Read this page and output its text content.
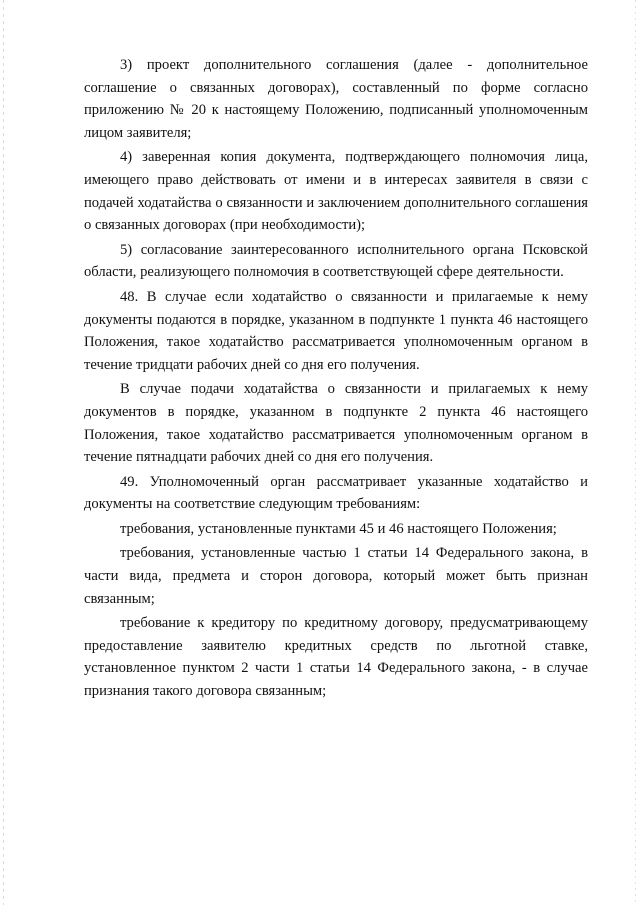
3) проект дополнительного соглашения (далее - дополнительное соглашение о связанных договорах), составленный по форме согласно приложению № 20 к настоящему Положению, подписанный уполномоченным лицом заявителя;

4) заверенная копия документа, подтверждающего полномочия лица, имеющего право действовать от имени и в интересах заявителя в связи с подачей ходатайства о связанности и заключением дополнительного соглашения о связанных договорах (при необходимости);

5) согласование заинтересованного исполнительного органа Псковской области, реализующего полномочия в соответствующей сфере деятельности.

48. В случае если ходатайство о связанности и прилагаемые к нему документы подаются в порядке, указанном в подпункте 1 пункта 46 настоящего Положения, такое ходатайство рассматривается уполномоченным органом в течение тридцати рабочих дней со дня его получения.

В случае подачи ходатайства о связанности и прилагаемых к нему документов в порядке, указанном в подпункте 2 пункта 46 настоящего Положения, такое ходатайство рассматривается уполномоченным органом в течение пятнадцати рабочих дней со дня его получения.

49. Уполномоченный орган рассматривает указанные ходатайство и документы на соответствие следующим требованиям:

требования, установленные пунктами 45 и 46 настоящего Положения;

требования, установленные частью 1 статьи 14 Федерального закона, в части вида, предмета и сторон договора, который может быть признан связанным;

требование к кредитору по кредитному договору, предусматривающему предоставление заявителю кредитных средств по льготной ставке, установленное пунктом 2 части 1 статьи 14 Федерального закона, - в случае признания такого договора связанным;
